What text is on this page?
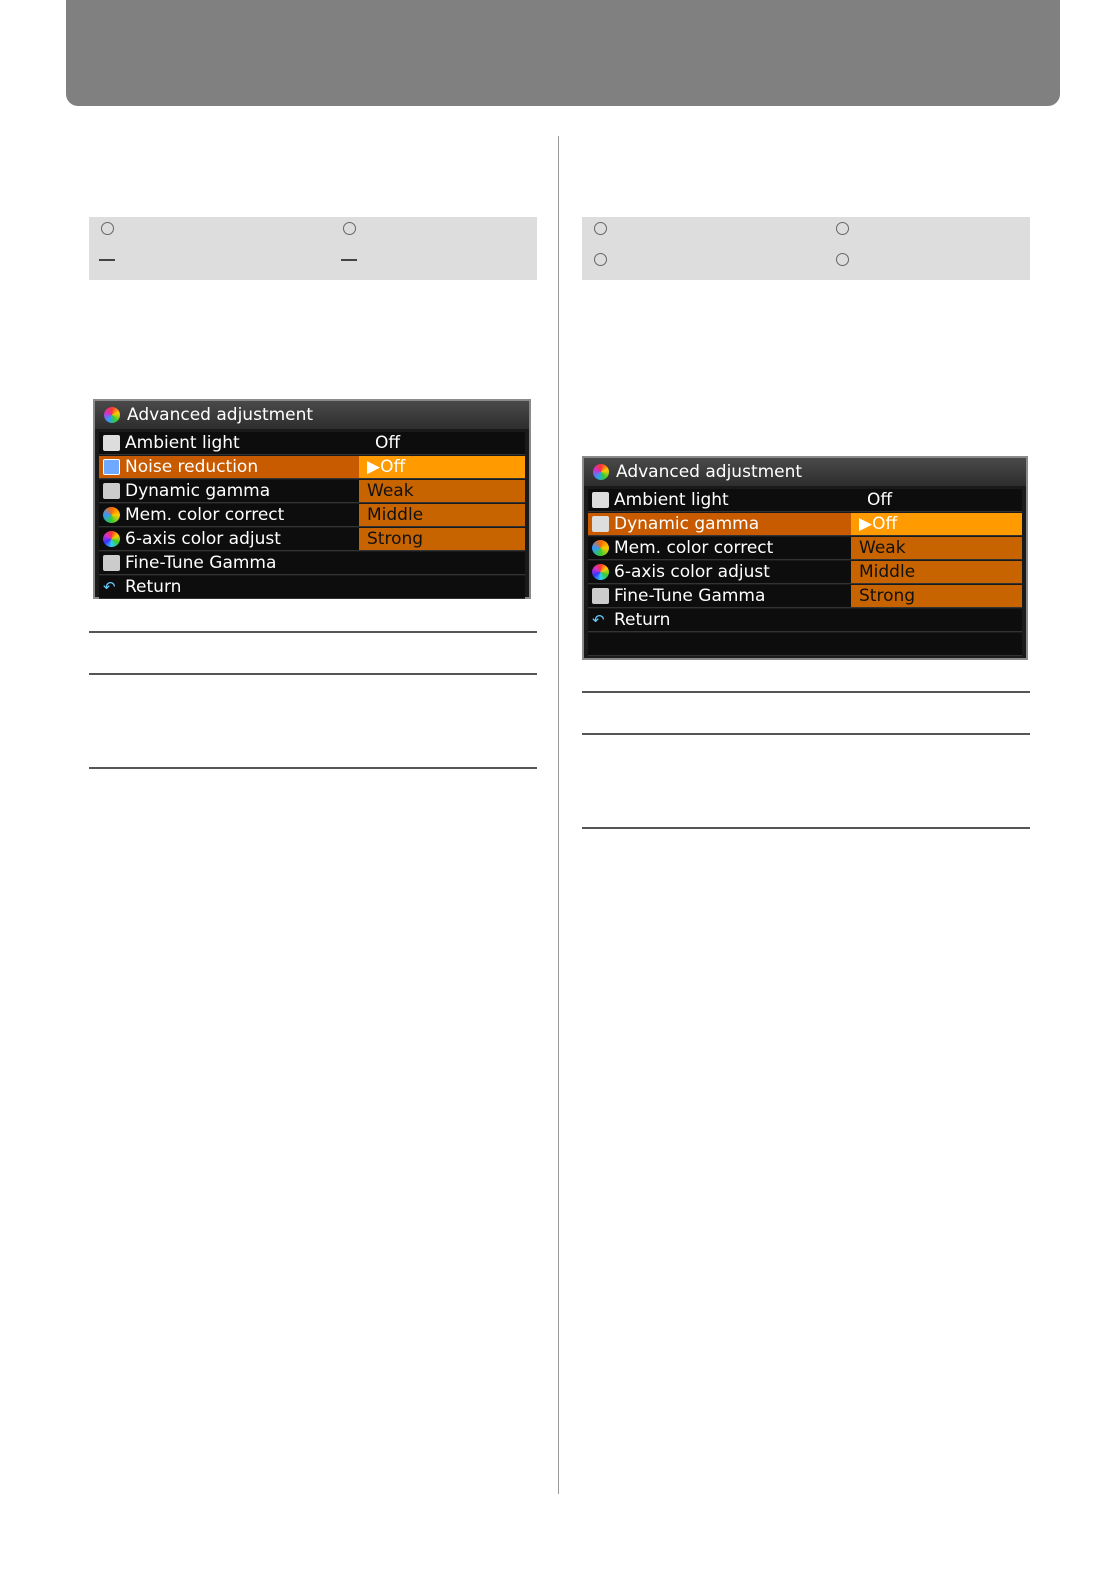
Advanced adjustment
Ambient light	Off
Noise reduction	▶Off
Dynamic gamma	Weak
Mem. color correct	Middle
6-axis color adjust	Strong
Fine-Tune Gamma
↶ Return
Advanced adjustment
Ambient light	Off
Dynamic gamma	▶Off
Mem. color correct	Weak
6-axis color adjust	Middle
Fine-Tune Gamma	Strong
↶ Return
